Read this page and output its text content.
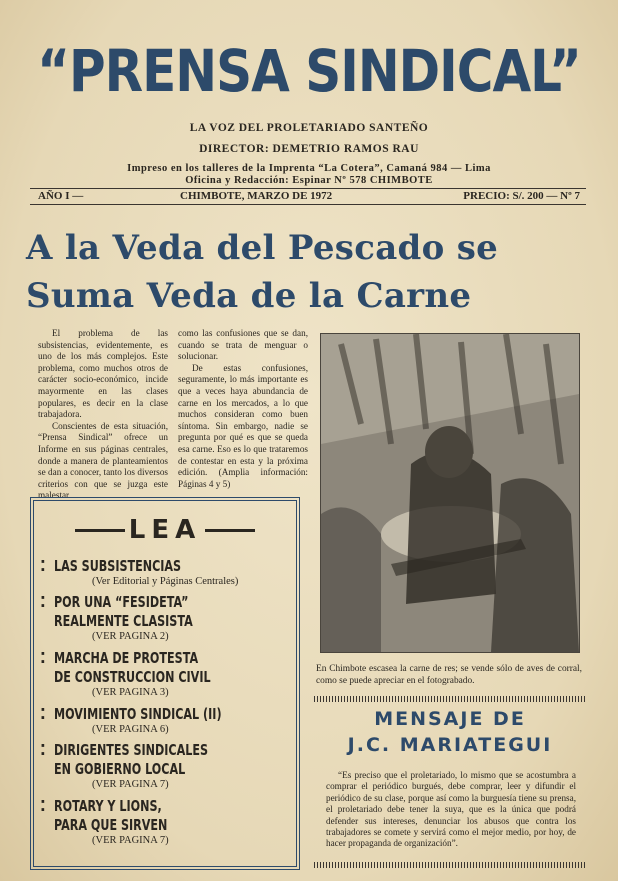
“PRENSA SINDICAL”
LA VOZ DEL PROLETARIADO SANTEÑO
DIRECTOR: DEMETRIO RAMOS RAU
Impreso en los talleres de la Imprenta “La Cotera”, Camaná 984 — Lima
Oficina y Redacción: Espinar Nº 578 CHIMBOTE
AÑO I —	CHIMBOTE, MARZO DE 1972	PRECIO: S/. 200 — Nº 7
A la Veda del Pescado se
Suma Veda de la Carne

El problema de las subsistencias, evidentemente, es uno de los más complejos. Este problema, como muchos otros de carácter socio-económico, incide mayormente en las clases populares, es decir en la clase trabajadora.

Conscientes de esta situación, “Prensa Sindical” ofrece un Informe en sus páginas centrales, donde a manera de planteamientos se dan a conocer, tanto los diversos criterios con que se juzga este malestar

como las confusiones que se dan, cuando se trata de menguar o solucionar.

De estas confusiones, seguramente, lo más importante es que a veces haya abundancia de carne en los mercados, a lo que muchos consideran como buen síntoma. Sin embargo, nadie se pregunta por qué es que se queda esa carne. Eso es lo que trataremos de contestar en esta y la próxima edición. (Amplia información: Páginas 4 y 5)

En Chimbote escasea la carne de res; se vende sólo de aves de corral, como se puede apreciar en el fotograbado.
LEA
⁚ LAS SUBSISTENCIAS
(Ver Editorial y Páginas Centrales)
⁚ POR UNA “FESIDETA”
REALMENTE CLASISTA
(VER PAGINA 2)
⁚ MARCHA DE PROTESTA
DE CONSTRUCCION CIVIL
(VER PAGINA 3)
⁚ MOVIMIENTO SINDICAL (II)
(VER PAGINA 6)
⁚ DIRIGENTES SINDICALES
EN GOBIERNO LOCAL
(VER PAGINA 7)
⁚ ROTARY Y LIONS,
PARA QUE SIRVEN
(VER PAGINA 7)
MENSAJE DE
J.C. MARIATEGUI
“Es preciso que el proletariado, lo mismo que se acostumbra a comprar el periódico burgués, debe comprar, leer y difundir el periódico de su clase, porque así como la burguesía tiene su prensa, el proletariado debe tener la suya, que es la única que podrá defender sus intereses, denunciar los abusos que contra los trabajadores se comete y servirá como el mejor medio, por hoy, de hacer propaganda de organización”.
